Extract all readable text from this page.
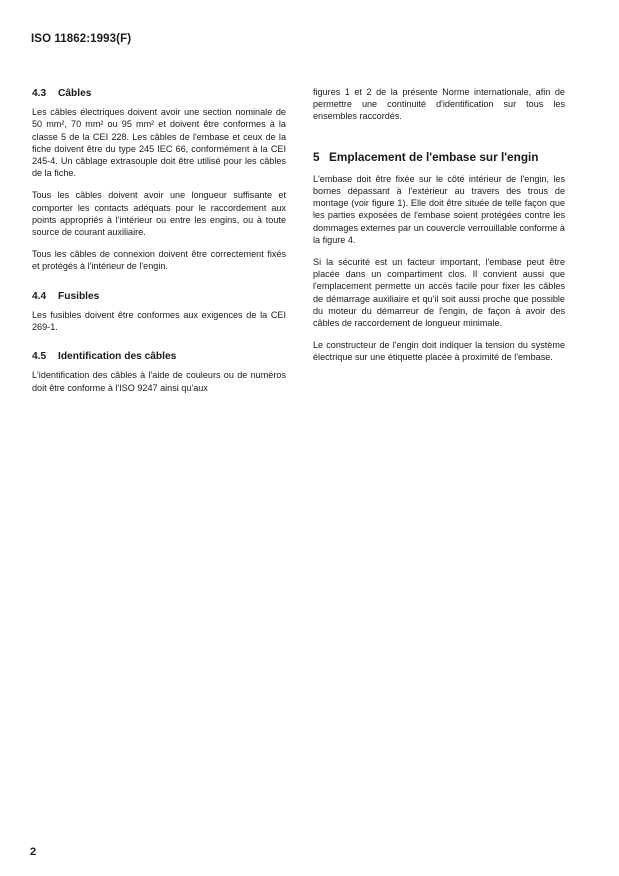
ISO 11862:1993(F)
4.3 Câbles

Les câbles électriques doivent avoir une section nominale de 50 mm², 70 mm² ou 95 mm² et doivent être conformes à la classe 5 de la CEI 228. Les câbles de l'embase et ceux de la fiche doivent être du type 245 IEC 66, conformément à la CEI 245-4. Un câblage extrasouple doit être utilisé pour les câbles de la fiche.

Tous les câbles doivent avoir une longueur suffisante et comporter les contacts adéquats pour le raccordement aux points appropriés à l'intérieur ou entre les engins, ou à toute source de courant auxiliaire.

Tous les câbles de connexion doivent être correctement fixés et protégés à l'intérieur de l'engin.

4.4 Fusibles

Les fusibles doivent être conformes aux exigences de la CEI 269-1.

4.5 Identification des câbles

L'identification des câbles à l'aide de couleurs ou de numéros doit être conforme à l'ISO 9247 ainsi qu'aux

figures 1 et 2 de la présente Norme internationale, afin de permettre une continuité d'identification sur tous les ensembles raccordés.

5 Emplacement de l'embase sur l'engin

L'embase doit être fixée sur le côté intérieur de l'engin, les bornes dépassant à l'extérieur au travers des trous de montage (voir figure 1). Elle doit être située de telle façon que les parties exposées de l'embase soient protégées contre les dommages externes par un couvercle verrouillable conforme à la figure 4.

Si la sécurité est un facteur important, l'embase peut être placée dans un compartiment clos. Il convient aussi que l'emplacement permette un accès facile pour fixer les câbles de démarrage auxiliaire et qu'il soit aussi proche que possible du moteur du démarreur de l'engin, de façon à avoir des câbles de raccordement de longueur minimale.

Le constructeur de l'engin doit indiquer la tension du système électrique sur une étiquette placée à proximité de l'embase.

2
